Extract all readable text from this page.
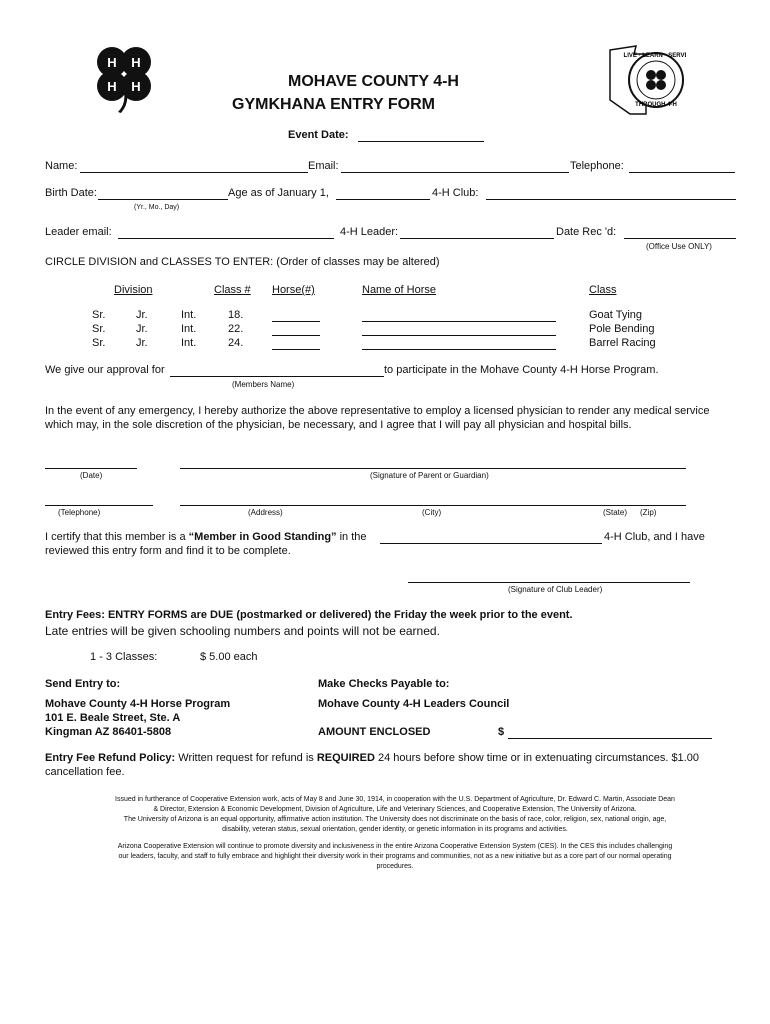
H H
H H
LIVE · LEARN · SERVE
THROUGH 4-H
MOHAVE COUNTY 4-H
GYMKHANA ENTRY FORM
Event Date:
Name:	Email:	Telephone:
Birth Date:
(Yr., Mo., Day)
Age as of January 1,	4-H Club:
Leader email:	4-H Leader:	Date Rec 'd:
(Office Use ONLY)
CIRCLE DIVISION and CLASSES TO ENTER: (Order of classes may be altered)
Division	Class # Horse(#)	Name of Horse	Class
Sr.	Jr.	Int.	18.	Goat Tying
Sr.	Jr.	Int.	22.	Pole Bending
Sr.	Jr.	Int.	24.	Barrel Racing
We give our approval for	to participate in the Mohave County 4-H Horse Program.
(Members Name)
In the event of any emergency, I hereby authorize the above representative to employ a licensed physician to render any medical service which may, in the sole discretion of the physician, be necessary, and I agree that I will pay all physician and hospital bills.
(Date)	(Signature of Parent or Guardian)
(Telephone)	(Address)	(City)	(State) (Zip)
I certify that this member is a “Member in Good Standing” in the	4-H Club, and I have
reviewed this entry form and find it to be complete.
(Signature of Club Leader)
Entry Fees: ENTRY FORMS are DUE (postmarked or delivered) the Friday the week prior to the event.
Late entries will be given schooling numbers and points will not be earned.
1 - 3 Classes:	$ 5.00 each
Send Entry to:	Make Checks Payable to:
Mohave County 4-H Horse Program
101 E. Beale Street, Ste. A
Kingman AZ 86401-5808
Mohave County 4-H Leaders Council
AMOUNT ENCLOSED	$
Entry Fee Refund Policy: Written request for refund is REQUIRED 24 hours before show time or in extenuating circumstances. $1.00
cancellation fee.
Issued in furtherance of Cooperative Extension work, acts of May 8 and June 30, 1914, in cooperation with the U.S. Department of Agriculture, Dr. Edward C. Martin, Associate Dean
& Director, Extension & Economic Development, Division of Agriculture, Life and Veterinary Sciences, and Cooperative Extension, The University of Arizona.
The University of Arizona is an equal opportunity, affirmative action institution. The University does not discriminate on the basis of race, color, religion, sex, national origin, age,
disability, veteran status, sexual orientation, gender identity, or genetic information in its programs and activities.
Arizona Cooperative Extension will continue to promote diversity and inclusiveness in the entire Arizona Cooperative Extension System (CES). In the CES this includes challenging
our leaders, faculty, and staff to fully embrace and highlight their diversity work in their programs and communities, not as a new initiative but as a core part of our normal operating
procedures.
